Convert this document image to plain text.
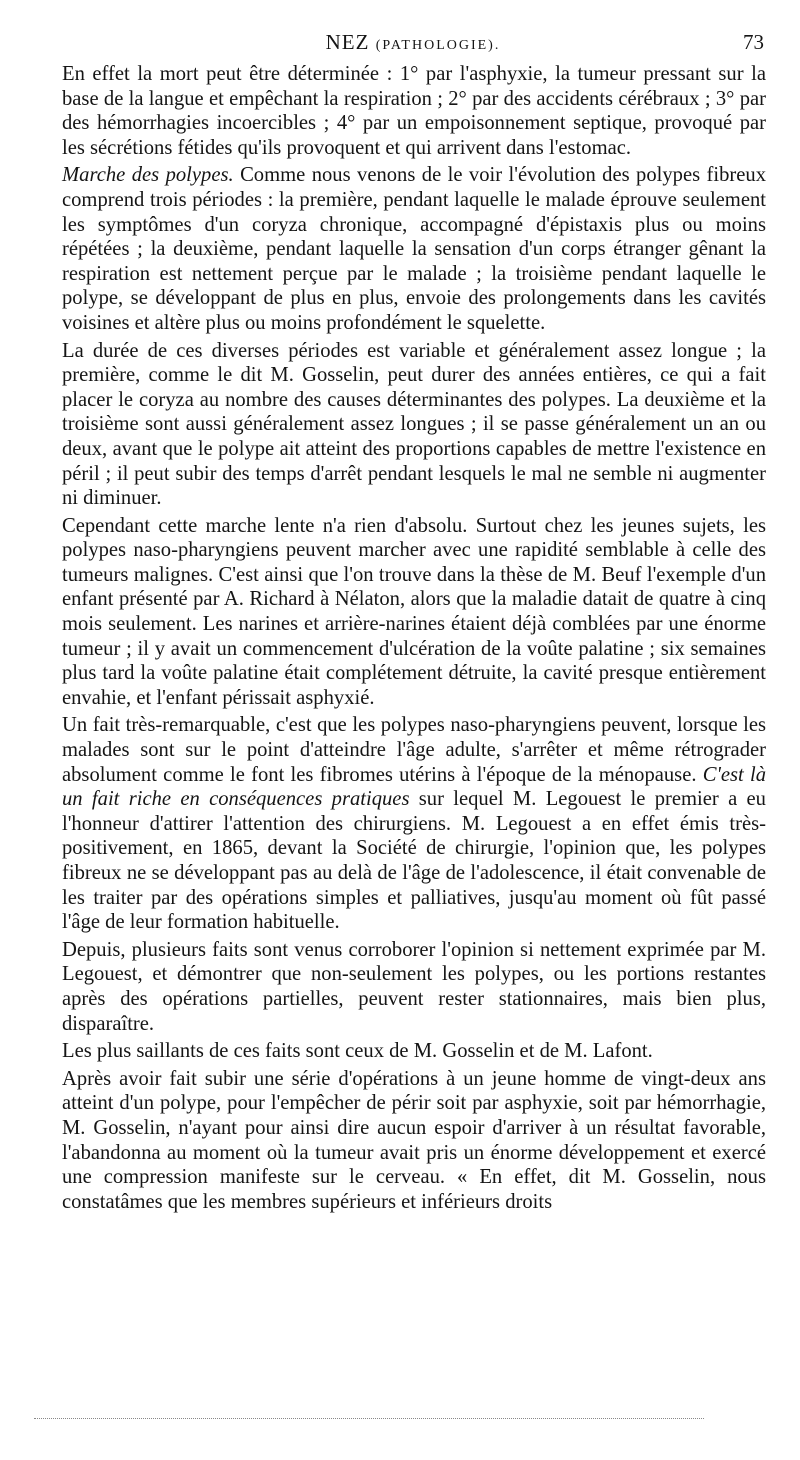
NEZ (PATHOLOGIE).	73

En effet la mort peut être déterminée : 1° par l'asphyxie, la tumeur pressant sur la base de la langue et empêchant la respiration ; 2° par des accidents cérébraux ; 3° par des hémorrhagies incoercibles ; 4° par un empoisonnement septique, provoqué par les sécrétions fétides qu'ils provoquent et qui arrivent dans l'estomac.

Marche des polypes. Comme nous venons de le voir l'évolution des polypes fibreux comprend trois périodes : la première, pendant laquelle le malade éprouve seulement les symptômes d'un coryza chronique, accompagné d'épistaxis plus ou moins répétées ; la deuxième, pendant laquelle la sensation d'un corps étranger gênant la respiration est nettement perçue par le malade ; la troisième pendant laquelle le polype, se développant de plus en plus, envoie des prolongements dans les cavités voisines et altère plus ou moins profondément le squelette.

La durée de ces diverses périodes est variable et généralement assez longue ; la première, comme le dit M. Gosselin, peut durer des années entières, ce qui a fait placer le coryza au nombre des causes déterminantes des polypes. La deuxième et la troisième sont aussi généralement assez longues ; il se passe généralement un an ou deux, avant que le polype ait atteint des proportions capables de mettre l'existence en péril ; il peut subir des temps d'arrêt pendant lesquels le mal ne semble ni augmenter ni diminuer.

Cependant cette marche lente n'a rien d'absolu. Surtout chez les jeunes sujets, les polypes naso-pharyngiens peuvent marcher avec une rapidité semblable à celle des tumeurs malignes. C'est ainsi que l'on trouve dans la thèse de M. Beuf l'exemple d'un enfant présenté par A. Richard à Nélaton, alors que la maladie datait de quatre à cinq mois seulement. Les narines et arrière-narines étaient déjà comblées par une énorme tumeur ; il y avait un commencement d'ulcération de la voûte palatine ; six semaines plus tard la voûte palatine était complétement détruite, la cavité presque entièrement envahie, et l'enfant périssait asphyxié.

Un fait très-remarquable, c'est que les polypes naso-pharyngiens peuvent, lorsque les malades sont sur le point d'atteindre l'âge adulte, s'arrêter et même rétrograder absolument comme le font les fibromes utérins à l'époque de la ménopause. C'est là un fait riche en conséquences pratiques sur lequel M. Legouest le premier a eu l'honneur d'attirer l'attention des chirurgiens. M. Legouest a en effet émis très-positivement, en 1865, devant la Société de chirurgie, l'opinion que, les polypes fibreux ne se développant pas au delà de l'âge de l'adolescence, il était convenable de les traiter par des opérations simples et palliatives, jusqu'au moment où fût passé l'âge de leur formation habituelle.

Depuis, plusieurs faits sont venus corroborer l'opinion si nettement exprimée par M. Legouest, et démontrer que non-seulement les polypes, ou les portions restantes après des opérations partielles, peuvent rester stationnaires, mais bien plus, disparaître.

Les plus saillants de ces faits sont ceux de M. Gosselin et de M. Lafont.

Après avoir fait subir une série d'opérations à un jeune homme de vingt-deux ans atteint d'un polype, pour l'empêcher de périr soit par asphyxie, soit par hémorrhagie, M. Gosselin, n'ayant pour ainsi dire aucun espoir d'arriver à un résultat favorable, l'abandonna au moment où la tumeur avait pris un énorme développement et exercé une compression manifeste sur le cerveau. « En effet, dit M. Gosselin, nous constatâmes que les membres supérieurs et inférieurs droits
